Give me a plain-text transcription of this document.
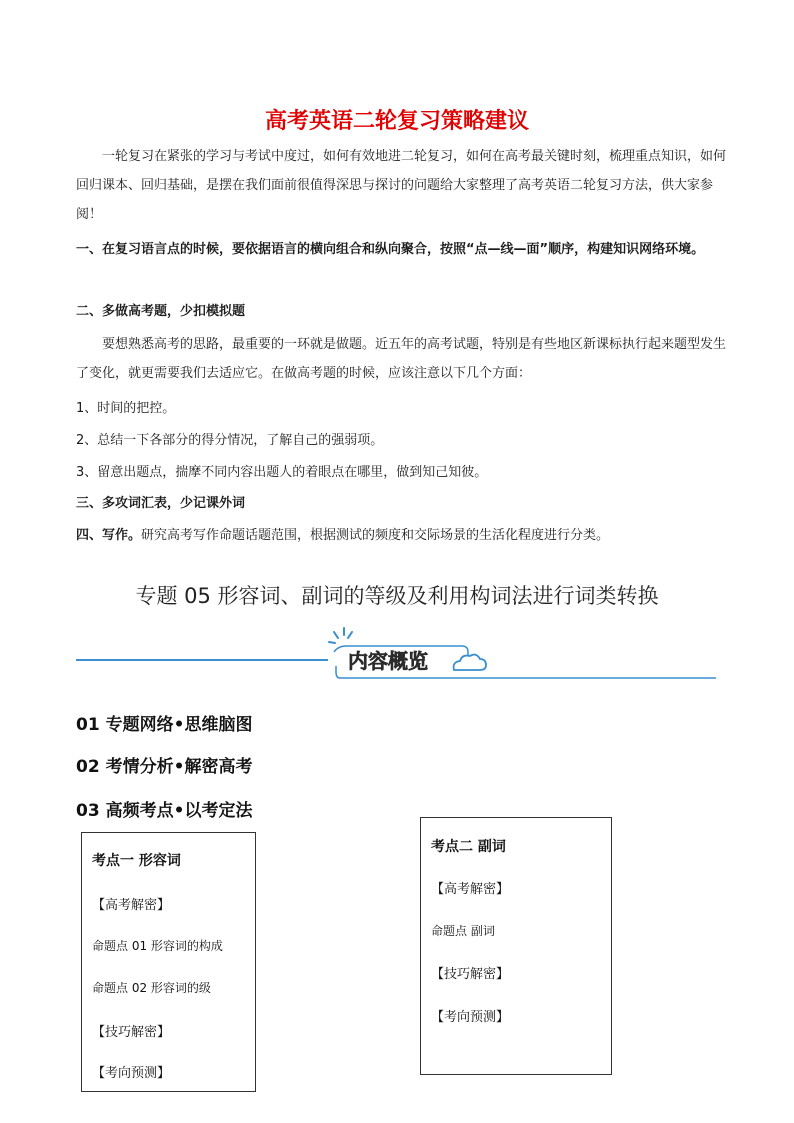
高考英语二轮复习策略建议
一轮复习在紧张的学习与考试中度过，如何有效地进二轮复习，如何在高考最关键时刻，梳理重点知识，如何回归课本、回归基础，是摆在我们面前很值得深思与探讨的问题给大家整理了高考英语二轮复习方法，供大家参阅！
一、在复习语言点的时候，要依据语言的横向组合和纵向聚合，按照“点—线—面”顺序，构建知识网络环境。
二、多做高考题，少扣模拟题
要想熟悉高考的思路，最重要的一环就是做题。近五年的高考试题，特别是有些地区新课标执行起来题型发生了变化，就更需要我们去适应它。在做高考题的时候，应该注意以下几个方面：
1、时间的把控。
2、总结一下各部分的得分情况，了解自己的强弱项。
3、留意出题点，揣摩不同内容出题人的着眼点在哪里，做到知己知彼。
三、多攻词汇表，少记课外词
四、写作。研究高考写作命题话题范围，根据测试的频度和交际场景的生活化程度进行分类。
专题 05 形容词、副词的等级及利用构词法进行词类转换
内容概览
01 专题网络•思维脑图
02 考情分析•解密高考
03 高频考点•以考定法
考点一 形容词
【高考解密】
命题点 01 形容词的构成
命题点 02 形容词的级
【技巧解密】
【考向预测】
考点二 副词
【高考解密】
命题点 副词
【技巧解密】
【考向预测】
